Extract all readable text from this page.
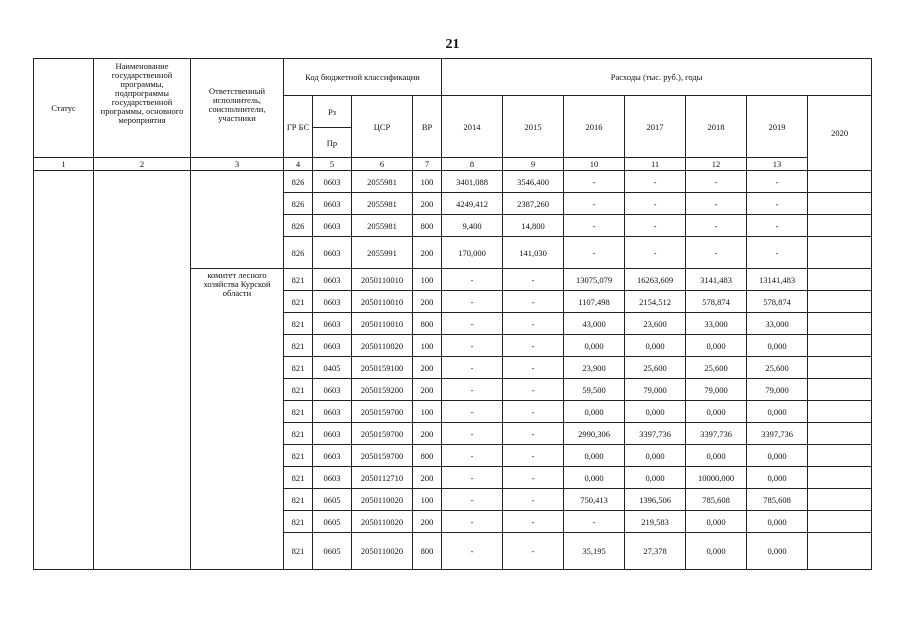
21
Статус	Наименование государственной программы, подпрограммы государственной программы, основного мероприятия	Ответственный исполнитель, соисполнители, участники	Код бюджетной классификации				Расходы (тыс. руб.), годы						
			ГР БС	Рз	ЦСР	ВР	2014	2015	2016	2017	2018	2019	2020
				Пр									
1	2	3	4	5	6	7	8	9	10	11	12	13	
			826	0603	2055981	100	3401,088	3546,400	-	-	-	-	
			826	0603	2055981	200	4249,412	2387,260	-	-	-	-	
			826	0603	2055981	800	9,400	14,800	-	-	-	-	
			826	0603	2055991	200	170,000	141,030	-	-	-	-	
		комитет лесного хозяйства Курской области	821	0603	2050110010	100	-	-	13075,079	16263,609	3141,483	13141,483	
			821	0603	2050110010	200	-	-	1107,498	2154,512	578,874	578,874	
			821	0603	2050110010	800	-	-	43,000	23,600	33,000	33,000	
			821	0603	2050110020	100	-	-	0,000	0,000	0,000	0,000	
			821	0405	2050159100	200	-	-	23,900	25,600	25,600	25,600	
			821	0603	2050159200	200	-	-	59,500	79,000	79,000	79,000	
			821	0603	2050159700	100	-	-	0,000	0,000	0,000	0,000	
			821	0603	2050159700	200	-	-	2990,306	3397,736	3397,736	3397,736	
			821	0603	2050159700	800	-	-	0,000	0,000	0,000	0,000	
			821	0603	2050112710	200	-	-	0,000	0,000	10000,000	0,000	
			821	0605	2050110020	100	-	-	750,413	1396,506	785,608	785,608	
			821	0605	2050110020	200	-	-	-	219,583	0,000	0,000	
			821	0605	2050110020	800	-	-	35,195	27,378	0,000	0,000	
